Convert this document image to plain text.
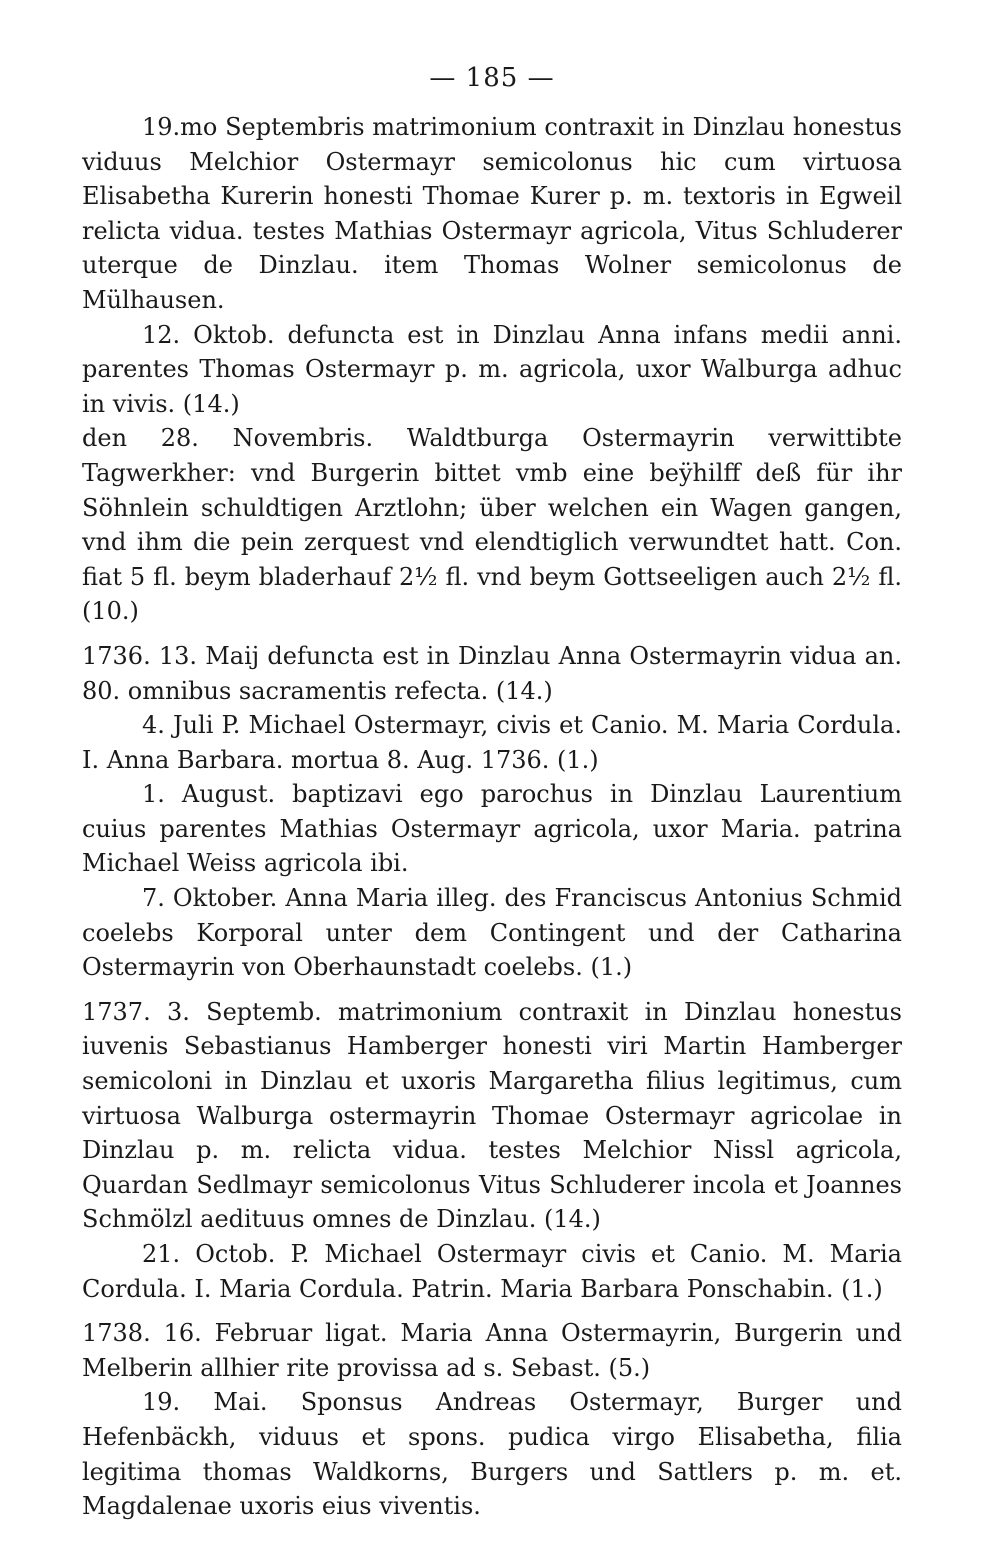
— 185 —

19.mo Septembris matrimonium contraxit in Dinzlau honestus viduus Melchior Ostermayr semicolonus hic cum virtuosa Elisabetha Kurerin honesti Thomae Kurer p. m. textoris in Egweil relicta vidua. testes Mathias Ostermayr agricola, Vitus Schluderer uterque de Dinzlau. item Thomas Wolner semicolonus de Mülhausen.

12. Oktob. defuncta est in Dinzlau Anna infans medii anni. parentes Thomas Ostermayr p. m. agricola, uxor Walburga adhuc in vivis. (14.)

den 28. Novembris. Waldtburga Ostermayrin verwittibte Tagwerkher: vnd Burgerin bittet vmb eine beÿhilff deß für ihr Söhnlein schuldtigen Arztlohn; über welchen ein Wagen gangen, vnd ihm die pein zerquest vnd elendtiglich verwundtet hatt. Con. fiat 5 fl. beym bladerhauf 2½ fl. vnd beym Gottseeligen auch 2½ fl. (10.)

1736. 13. Maij defuncta est in Dinzlau Anna Ostermayrin vidua an. 80. omnibus sacramentis refecta. (14.)

4. Juli P. Michael Ostermayr, civis et Canio. M. Maria Cordula. I. Anna Barbara. mortua 8. Aug. 1736. (1.)

1. August. baptizavi ego parochus in Dinzlau Laurentium cuius parentes Mathias Ostermayr agricola, uxor Maria. patrina Michael Weiss agricola ibi.

7. Oktober. Anna Maria illeg. des Franciscus Antonius Schmid coelebs Korporal unter dem Contingent und der Catharina Ostermayrin von Oberhaunstadt coelebs. (1.)

1737. 3. Septemb. matrimonium contraxit in Dinzlau honestus iuvenis Sebastianus Hamberger honesti viri Martin Hamberger semicoloni in Dinzlau et uxoris Margaretha filius legitimus, cum virtuosa Walburga ostermayrin Thomae Ostermayr agricolae in Dinzlau p. m. relicta vidua. testes Melchior Nissl agricola, Quardan Sedlmayr semicolonus Vitus Schluderer incola et Joannes Schmölzl aedituus omnes de Dinzlau. (14.)

21. Octob. P. Michael Ostermayr civis et Canio. M. Maria Cordula. I. Maria Cordula. Patrin. Maria Barbara Ponschabin. (1.)

1738. 16. Februar ligat. Maria Anna Ostermayrin, Burgerin und Melberin allhier rite provissa ad s. Sebast. (5.)

19. Mai. Sponsus Andreas Ostermayr, Burger und Hefenbäckh, viduus et spons. pudica virgo Elisabetha, filia legitima thomas Waldkorns, Burgers und Sattlers p. m. et. Magdalenae uxoris eius viventis.
